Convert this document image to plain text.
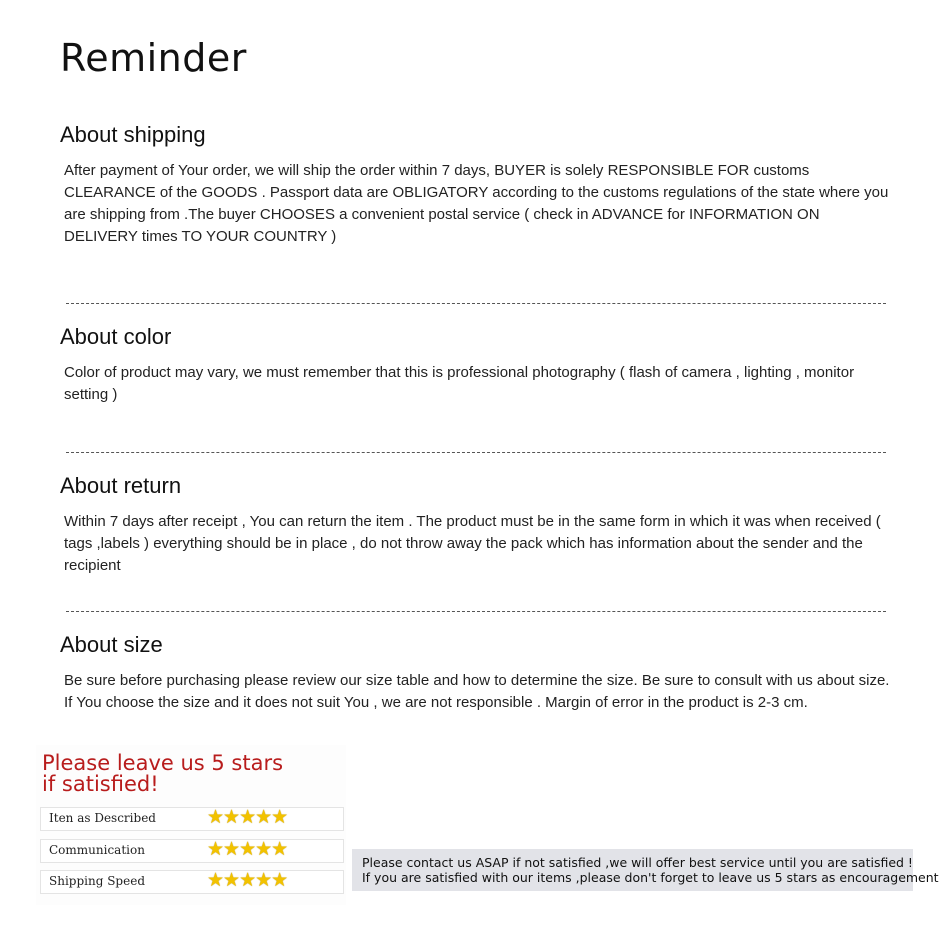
Reminder
About shipping

After payment of Your order, we will ship the order within 7 days, BUYER is solely RESPONSIBLE FOR customs CLEARANCE of the GOODS . Passport data are OBLIGATORY according to the customs regulations of the state where you are shipping from .The buyer CHOOSES a convenient postal service ( check in ADVANCE for INFORMATION ON DELIVERY times TO YOUR COUNTRY )

About color

Color of product may vary, we must remember that this is professional photography ( flash of camera , lighting , monitor setting )

About return

Within 7 days after receipt , You can return the item . The product must be in the same form in which it was when received ( tags ,labels ) everything should be in place , do not throw away the pack which has information about the sender and the recipient

About size

Be sure before purchasing please review our size table and how to determine the size. Be sure to consult with us about size. If You choose the size and it does not suit You , we are not responsible . Margin of error in the product is 2-3 cm.

Please leave us 5 stars
if satisfied!
Iten as Described	★★★★★
Communication	★★★★★
Shipping Speed	★★★★★
Please contact us ASAP if not satisfied ,we will offer best service until you are satisfied !
If you are satisfied with our items ,please don't forget to leave us 5 stars as encouragement
